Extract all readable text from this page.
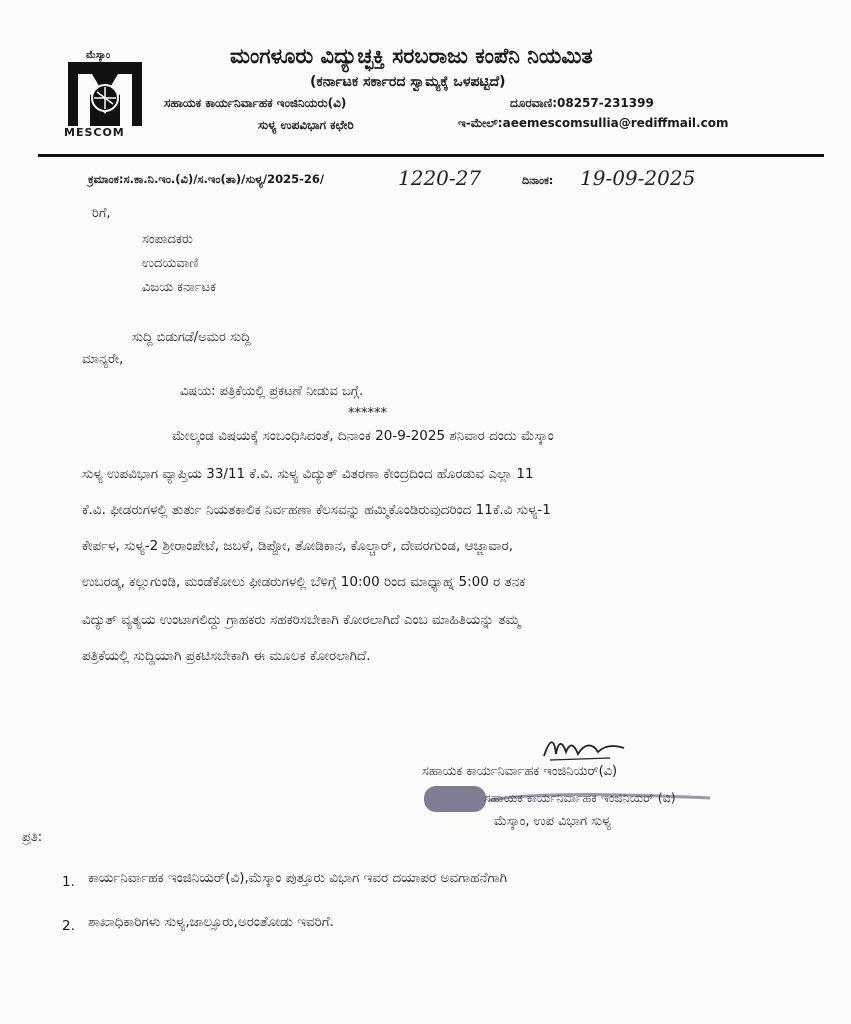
ಮೆಸ್ಕಾಂ
MESCOM
ಮಂಗಳೂರು ವಿದ್ಯುಚ್ಛಕ್ತಿ ಸರಬರಾಜು ಕಂಪೆನಿ ನಿಯಮಿತ
(ಕರ್ನಾಟಕ ಸರ್ಕಾರದ ಸ್ವಾಮ್ಯಕ್ಕೆ ಒಳಪಟ್ಟಿದೆ)
ಸಹಾಯಕ ಕಾರ್ಯನಿರ್ವಾಹಕ ಇಂಜಿನಿಯರು(ವಿ)
ಸುಳ್ಯ ಉಪವಿಭಾಗ ಕಛೇರಿ
ದೂರವಾಣಿ:08257-231399
ಇ-ಮೇಲ್:aeemescomsullia@rediffmail.com
ಕ್ರಮಾಂಕ:ಸ.ಕಾ.ನಿ.ಇಂ.(ವಿ)/ಸ.ಇಂ(ತಾ)/ಸುಳ್ಯ/2025-26/	1220-27	ದಿನಾಂಕ: 19-09-2025
ರಿಗೆ,
ಸಂಪಾದಕರು
ಉದಯವಾಣಿ
ವಿಜಯ ಕರ್ನಾಟಕ
ಸುದ್ದಿ ಬಿಡುಗಡೆ/ಅಮರ ಸುದ್ದಿ
ಮಾನ್ಯರೇ,
ವಿಷಯ: ಪತ್ರಿಕೆಯಲ್ಲಿ ಪ್ರಕಟಣೆ ನೀಡುವ ಬಗ್ಗೆ.
******
ಮೇಲ್ಕಂಡ ವಿಷಯಕ್ಕೆ ಸಂಬಂಧಿಸಿದಂತೆ, ದಿನಾಂಕ 20-9-2025 ಶನಿವಾರ ದಂದು ಮೆಸ್ಕಾಂ
ಸುಳ್ಯ ಉಪವಿಭಾಗ ವ್ಯಾಪ್ತಿಯ 33/11 ಕೆ.ವಿ. ಸುಳ್ಯ ವಿದ್ಯುತ್ ವಿತರಣಾ ಕೇಂದ್ರದಿಂದ ಹೊರಡುವ ಎಲ್ಲಾ 11
ಕೆ.ವಿ. ಫೀಡರುಗಳಲ್ಲಿ ತುರ್ತು ನಿಯತಕಾಲಿಕ ನಿರ್ವಹಣಾ ಕೆಲಸವನ್ನು ಹಮ್ಮಿಕೊಂಡಿರುವುದರಿಂದ 11ಕೆ.ವಿ ಸುಳ್ಯ-1
ಕೇರ್ಪಳ, ಸುಳ್ಯ-2 ಶ್ರೀರಾಂಪೇಟೆ, ಜಬಳೆ, ಡಿಪ್ಪೋ, ತೋಡಿಕಾನ, ಕೊಲ್ಚಾರ್, ದೇವರಗುಂಡ, ಆಜ್ಜಾವಾರ,
ಉಬರಡ್ಕ, ಕಲ್ಲುಗುಂಡಿ, ಮಂಡೆಕೋಲು ಫೀಡರುಗಳಲ್ಲಿ ಬೆಳಿಗ್ಗೆ 10:00 ರಿಂದ ಮಾಧ್ಯಾಹ್ನ 5:00 ರ ತನಕ
ವಿದ್ಯುತ್ ವ್ಯತ್ಯಯ ಉಂಟಾಗಲಿದ್ದು ಗ್ರಾಹಕರು ಸಹಕರಿಸಬೇಕಾಗಿ ಕೋರಲಾಗಿದೆ ಎಂಬ ಮಾಹಿತಿಯನ್ನು ತಮ್ಮ
ಪತ್ರಿಕೆಯಲ್ಲಿ ಸುದ್ದಿಯಾಗಿ ಪ್ರಕಟಿಸಬೇಕಾಗಿ ಈ ಮೂಲಕ ಕೋರಲಾಗಿದೆ.
ಸಹಾಯಕ ಕಾರ್ಯನಿರ್ವಾಹಕ ಇಂಜಿನಿಯರ್(ವಿ)
ಸಹಾಯಕ ಕಾರ್ಯನಿರ್ವಾಹಕ ಇಂಜಿನಿಯರ್ (ವಿ)
ಮೆಸ್ಕಾಂ, ಉಪ ವಿಭಾಗ ಸುಳ್ಯ
ಪ್ರತಿ:
1. ಕಾರ್ಯನಿರ್ವಾಹಕ ಇಂಜಿನಿಯರ್(ವಿ),ಮೆಸ್ಕಾಂ ಪುತ್ತೂರು ವಿಭಾಗ ಇವರ ದಯಾಪರ ಅವಗಾಹನೆಗಾಗಿ
2. ಶಾಖಾಧಿಕಾರಿಗಳು ಸುಳ್ಯ,ಜಾಲ್ಸೂರು,ಅರಂತೋಡು ಇವರಿಗೆ.
